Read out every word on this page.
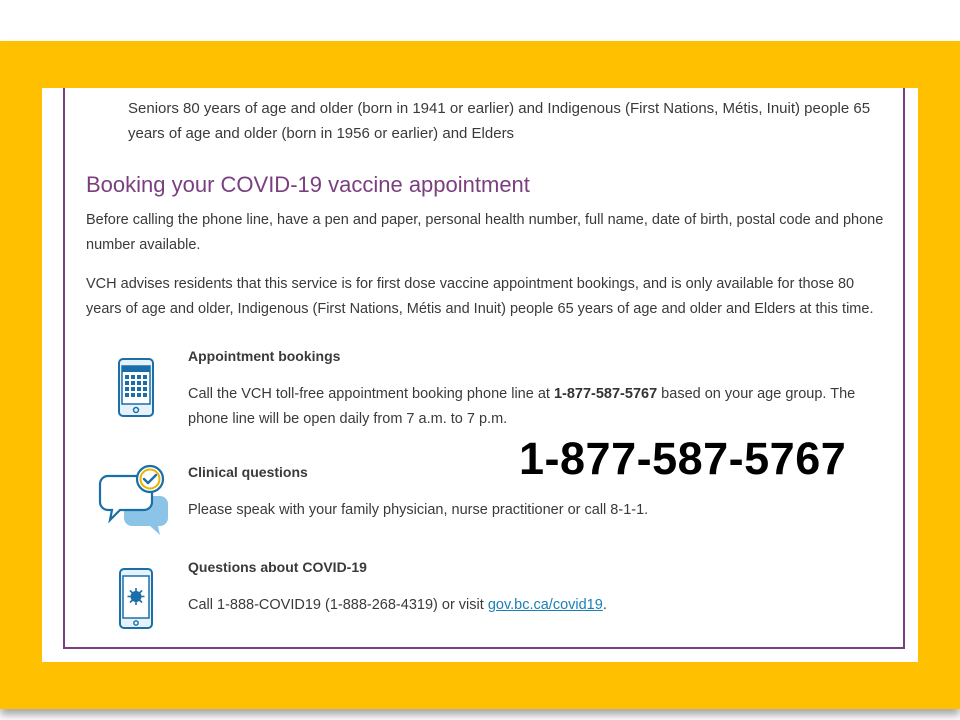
Seniors 80 years of age and older (born in 1941 or earlier) and Indigenous (First Nations, Métis, Inuit) people 65 years of age and older (born in 1956 or earlier) and Elders
Booking your COVID-19 vaccine appointment

Before calling the phone line, have a pen and paper, personal health number, full name, date of birth, postal code and phone number available.

VCH advises residents that this service is for first dose vaccine appointment bookings, and is only available for those 80 years of age and older, Indigenous (First Nations, Métis and Inuit) people 65 years of age and older and Elders at this time.

Appointment bookings

Call the VCH toll-free appointment booking phone line at 1-877-587-5767 based on your age group. The phone line will be open daily from 7 a.m. to 7 p.m.

Clinical questions

Please speak with your family physician, nurse practitioner or call 8-1-1.

Questions about COVID-19

Call 1-888-COVID19 (1-888-268-4319) or visit gov.bc.ca/covid19.

1-877-587-5767
